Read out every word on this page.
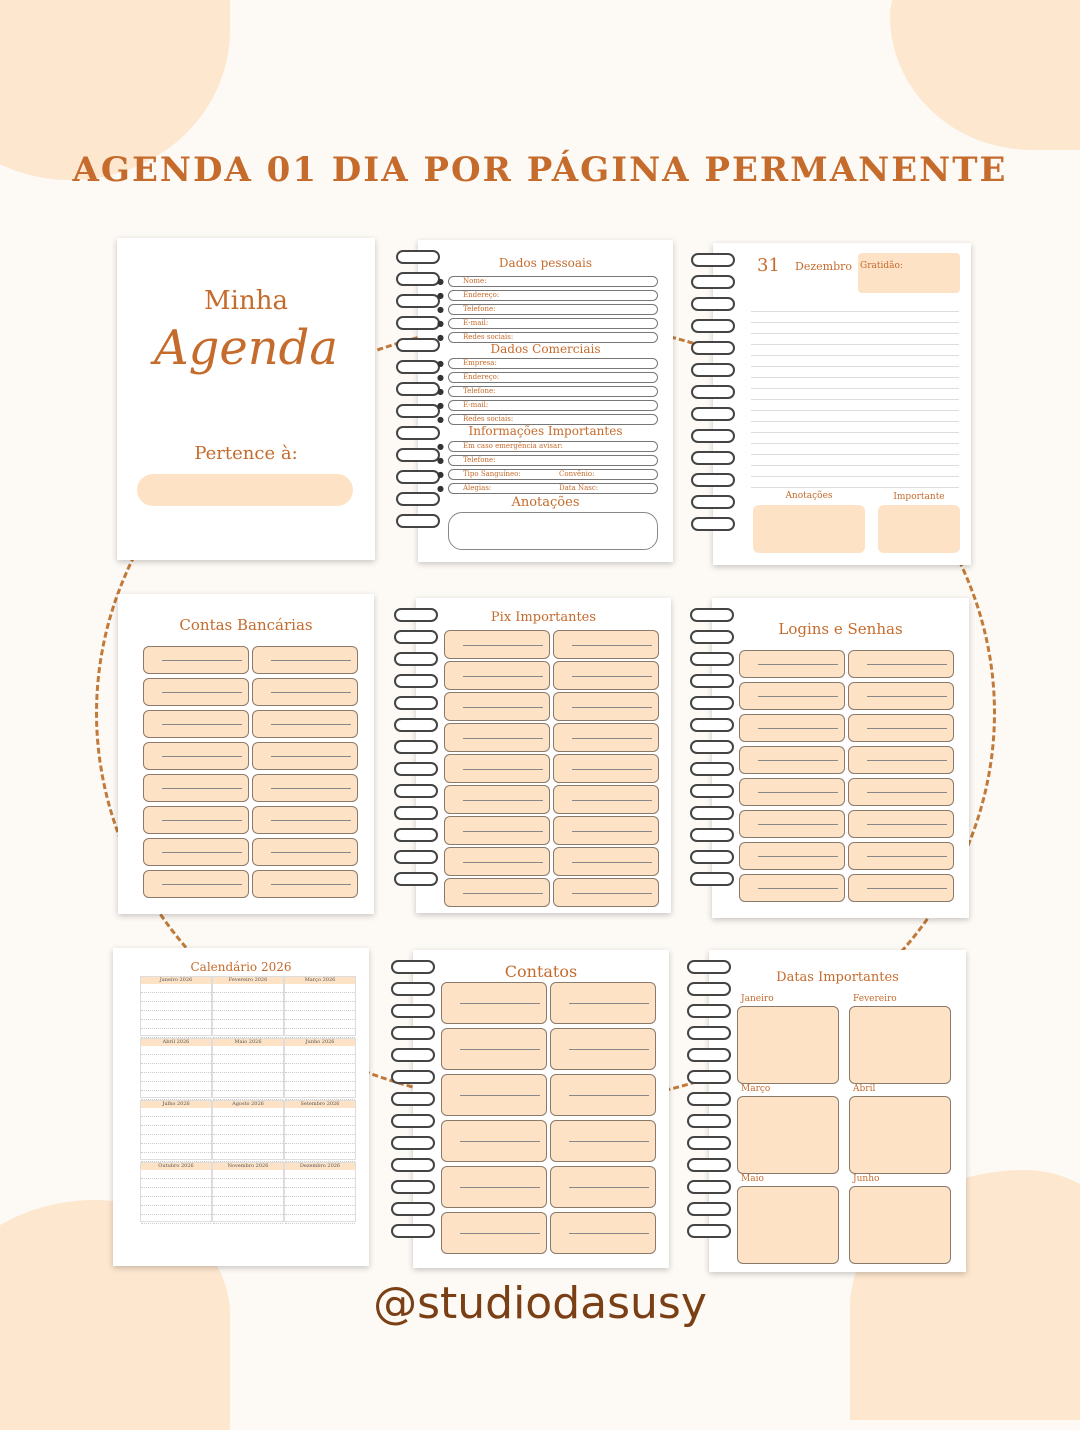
AGENDA 01 DIA POR PÁGINA PERMANENTE
Minha
Agenda
Pertence à:
Dados pessoais
●	Nome:
●	Endereço:
●	Telefone:
●	E-mail:
●	Redes sociais:
Dados Comerciais
●	Empresa:
●	Endereço:
●	Telefone:
●	E-mail:
●	Redes sociais:
Informações Importantes
●	Em caso emergência avisar:
●	Telefone:
●	Tipo Sanguíneo:	Convênio:
●	Alegias:	Data Nasc:
Anotações
31 Dezembro Gratidão:
Anotações	Importante
Contas Bancárias	Pix Importantes
Logins e Senhas
Calendário 2026
Janeiro 2026	Fevereiro 2026	Março 2026
Abril 2026	Maio 2026	Junho 2026
Julho 2026	Agosto 2026	Setembro 2026
Outubro 2026	Novembro 2026	Dezembro 2026
Contatos	Datas Importantes
Janeiro	Fevereiro
Março	Abril
Maio	Junho
@studiodasusy
